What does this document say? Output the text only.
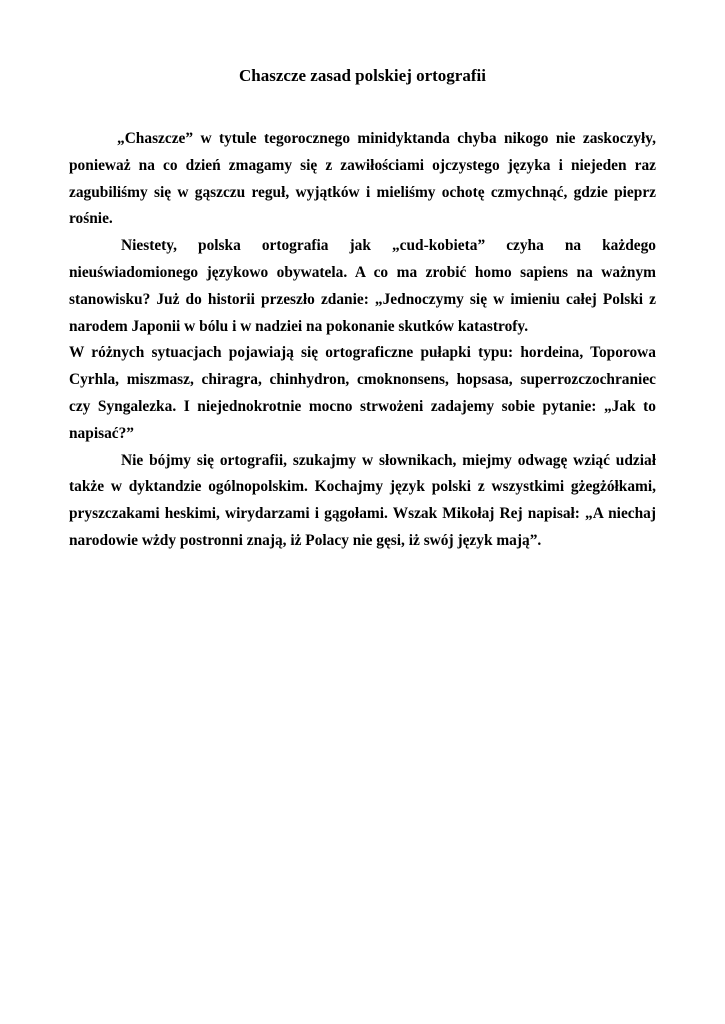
Chaszcze zasad polskiej ortografii

„Chaszcze” w tytule tegorocznego minidyktanda chyba nikogo nie zaskoczyły, ponieważ na co dzień zmagamy się z zawiłościami ojczystego języka i niejeden raz zagubiliśmy się w gąszczu reguł, wyjątków i mieliśmy ochotę czmychnąć, gdzie pieprz rośnie.

Niestety, polska ortografia jak „cud-kobieta” czyha na każdego nieuświadomionego językowo obywatela. A co ma zrobić homo sapiens na ważnym stanowisku? Już do historii przeszło zdanie: „Jednoczymy się w imieniu całej Polski z narodem Japonii w bólu i w nadziei na pokonanie skutków katastrofy.

W różnych sytuacjach pojawiają się ortograficzne pułapki typu: hordeina, Toporowa Cyrhla, miszmasz, chiragra, chinhydron, cmoknonsens, hopsasa, superrozczochraniec czy Syngalezka. I niejednokrotnie mocno strwożeni zadajemy sobie pytanie: „Jak to napisać?”

Nie bójmy się ortografii, szukajmy w słownikach, miejmy odwagę wziąć udział także w dyktandzie ogólnopolskim. Kochajmy język polski z wszystkimi gżegżółkami, pryszczakami heskimi, wirydarzami i gągołami. Wszak Mikołaj Rej napisał: „A niechaj narodowie wżdy postronni znają, iż Polacy nie gęsi, iż swój język mają”.
